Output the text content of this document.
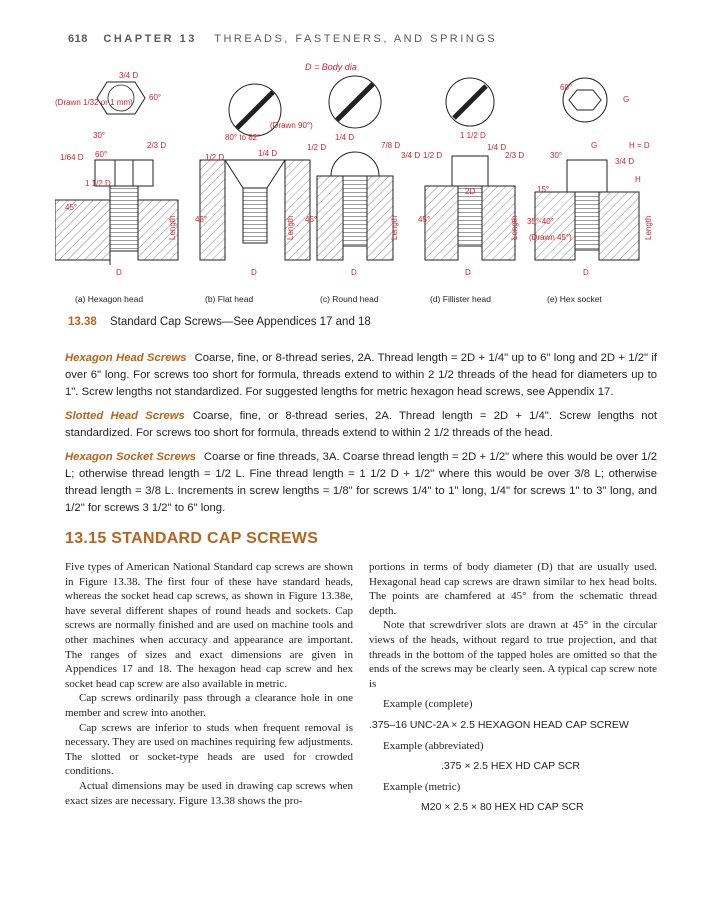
618 CHAPTER 13 THREADS, FASTENERS, AND SPRINGS
D = Body dia
3/4 D
(Drawn 1/32 or 1 mm)
60°
30°
2/3 D
1/64 D 60°
1 1/2 D
45°
D
Length
(Drawn 90°)
80° to 82°
1/2 D	1/4 D
45°
D
Length
1/2 D
1/4 D
7/8 D
45°
D
Length
3/4 D
1 1/2 D
1/4 D
1/2 D	2/3 D
2D
45°
D
Length
60°
G
G	H = D
30°
3/4 D
H
15°
35°-40°
(Drawn 45°)
D
Length
(a) Hexagon head	(b) Flat head	(c) Round head	(d) Fillister head	(e) Hex socket
13.38 Standard Cap Screws—See Appendices 17 and 18

Hexagon Head Screws Coarse, fine, or 8-thread series, 2A. Thread length = 2D + 1/4" up to 6" long and 2D + 1/2" if over 6" long. For screws too short for formula, threads extend to within 2 1/2 threads of the head for diameters up to 1". Screw lengths not standardized. For suggested lengths for metric hexagon head screws, see Appendix 17.

Slotted Head Screws Coarse, fine, or 8-thread series, 2A. Thread length = 2D + 1/4". Screw lengths not standardized. For screws too short for formula, threads extend to within 2 1/2 threads of the head.

Hexagon Socket Screws Coarse or fine threads, 3A. Coarse thread length = 2D + 1/2" where this would be over 1/2 L; otherwise thread length = 1/2 L. Fine thread length = 1 1/2 D + 1/2" where this would be over 3/8 L; otherwise thread length = 3/8 L. Increments in screw lengths = 1/8" for screws 1/4" to 1" long, 1/4" for screws 1" to 3" long, and 1/2" for screws 3 1/2" to 6" long.

13.15 STANDARD CAP SCREWS

Five types of American National Standard cap screws are shown in Figure 13.38. The first four of these have standard heads, whereas the socket head cap screws, as shown in Figure 13.38e, have several different shapes of round heads and sockets. Cap screws are normally finished and are used on machine tools and other machines when accuracy and appearance are important. The ranges of sizes and exact dimensions are given in Appendices 17 and 18. The hexagon head cap screw and hex socket head cap screw are also available in metric.

Cap screws ordinarily pass through a clearance hole in one member and screw into another.

Cap screws are inferior to studs when frequent removal is necessary. They are used on machines requiring few adjustments. The slotted or socket-type heads are used for crowded conditions.

Actual dimensions may be used in drawing cap screws when exact sizes are necessary. Figure 13.38 shows the pro-

portions in terms of body diameter (D) that are usually used. Hexagonal head cap screws are drawn similar to hex head bolts. The points are chamfered at 45° from the schematic thread depth.

Note that screwdriver slots are drawn at 45° in the circular views of the heads, without regard to true projection, and that threads in the bottom of the tapped holes are omitted so that the ends of the screws may be clearly seen. A typical cap screw note is

Example (complete)
.375–16 UNC-2A × 2.5 HEXAGON HEAD CAP SCREW
Example (abbreviated)
.375 × 2.5 HEX HD CAP SCR
Example (metric)
M20 × 2.5 × 80 HEX HD CAP SCR
